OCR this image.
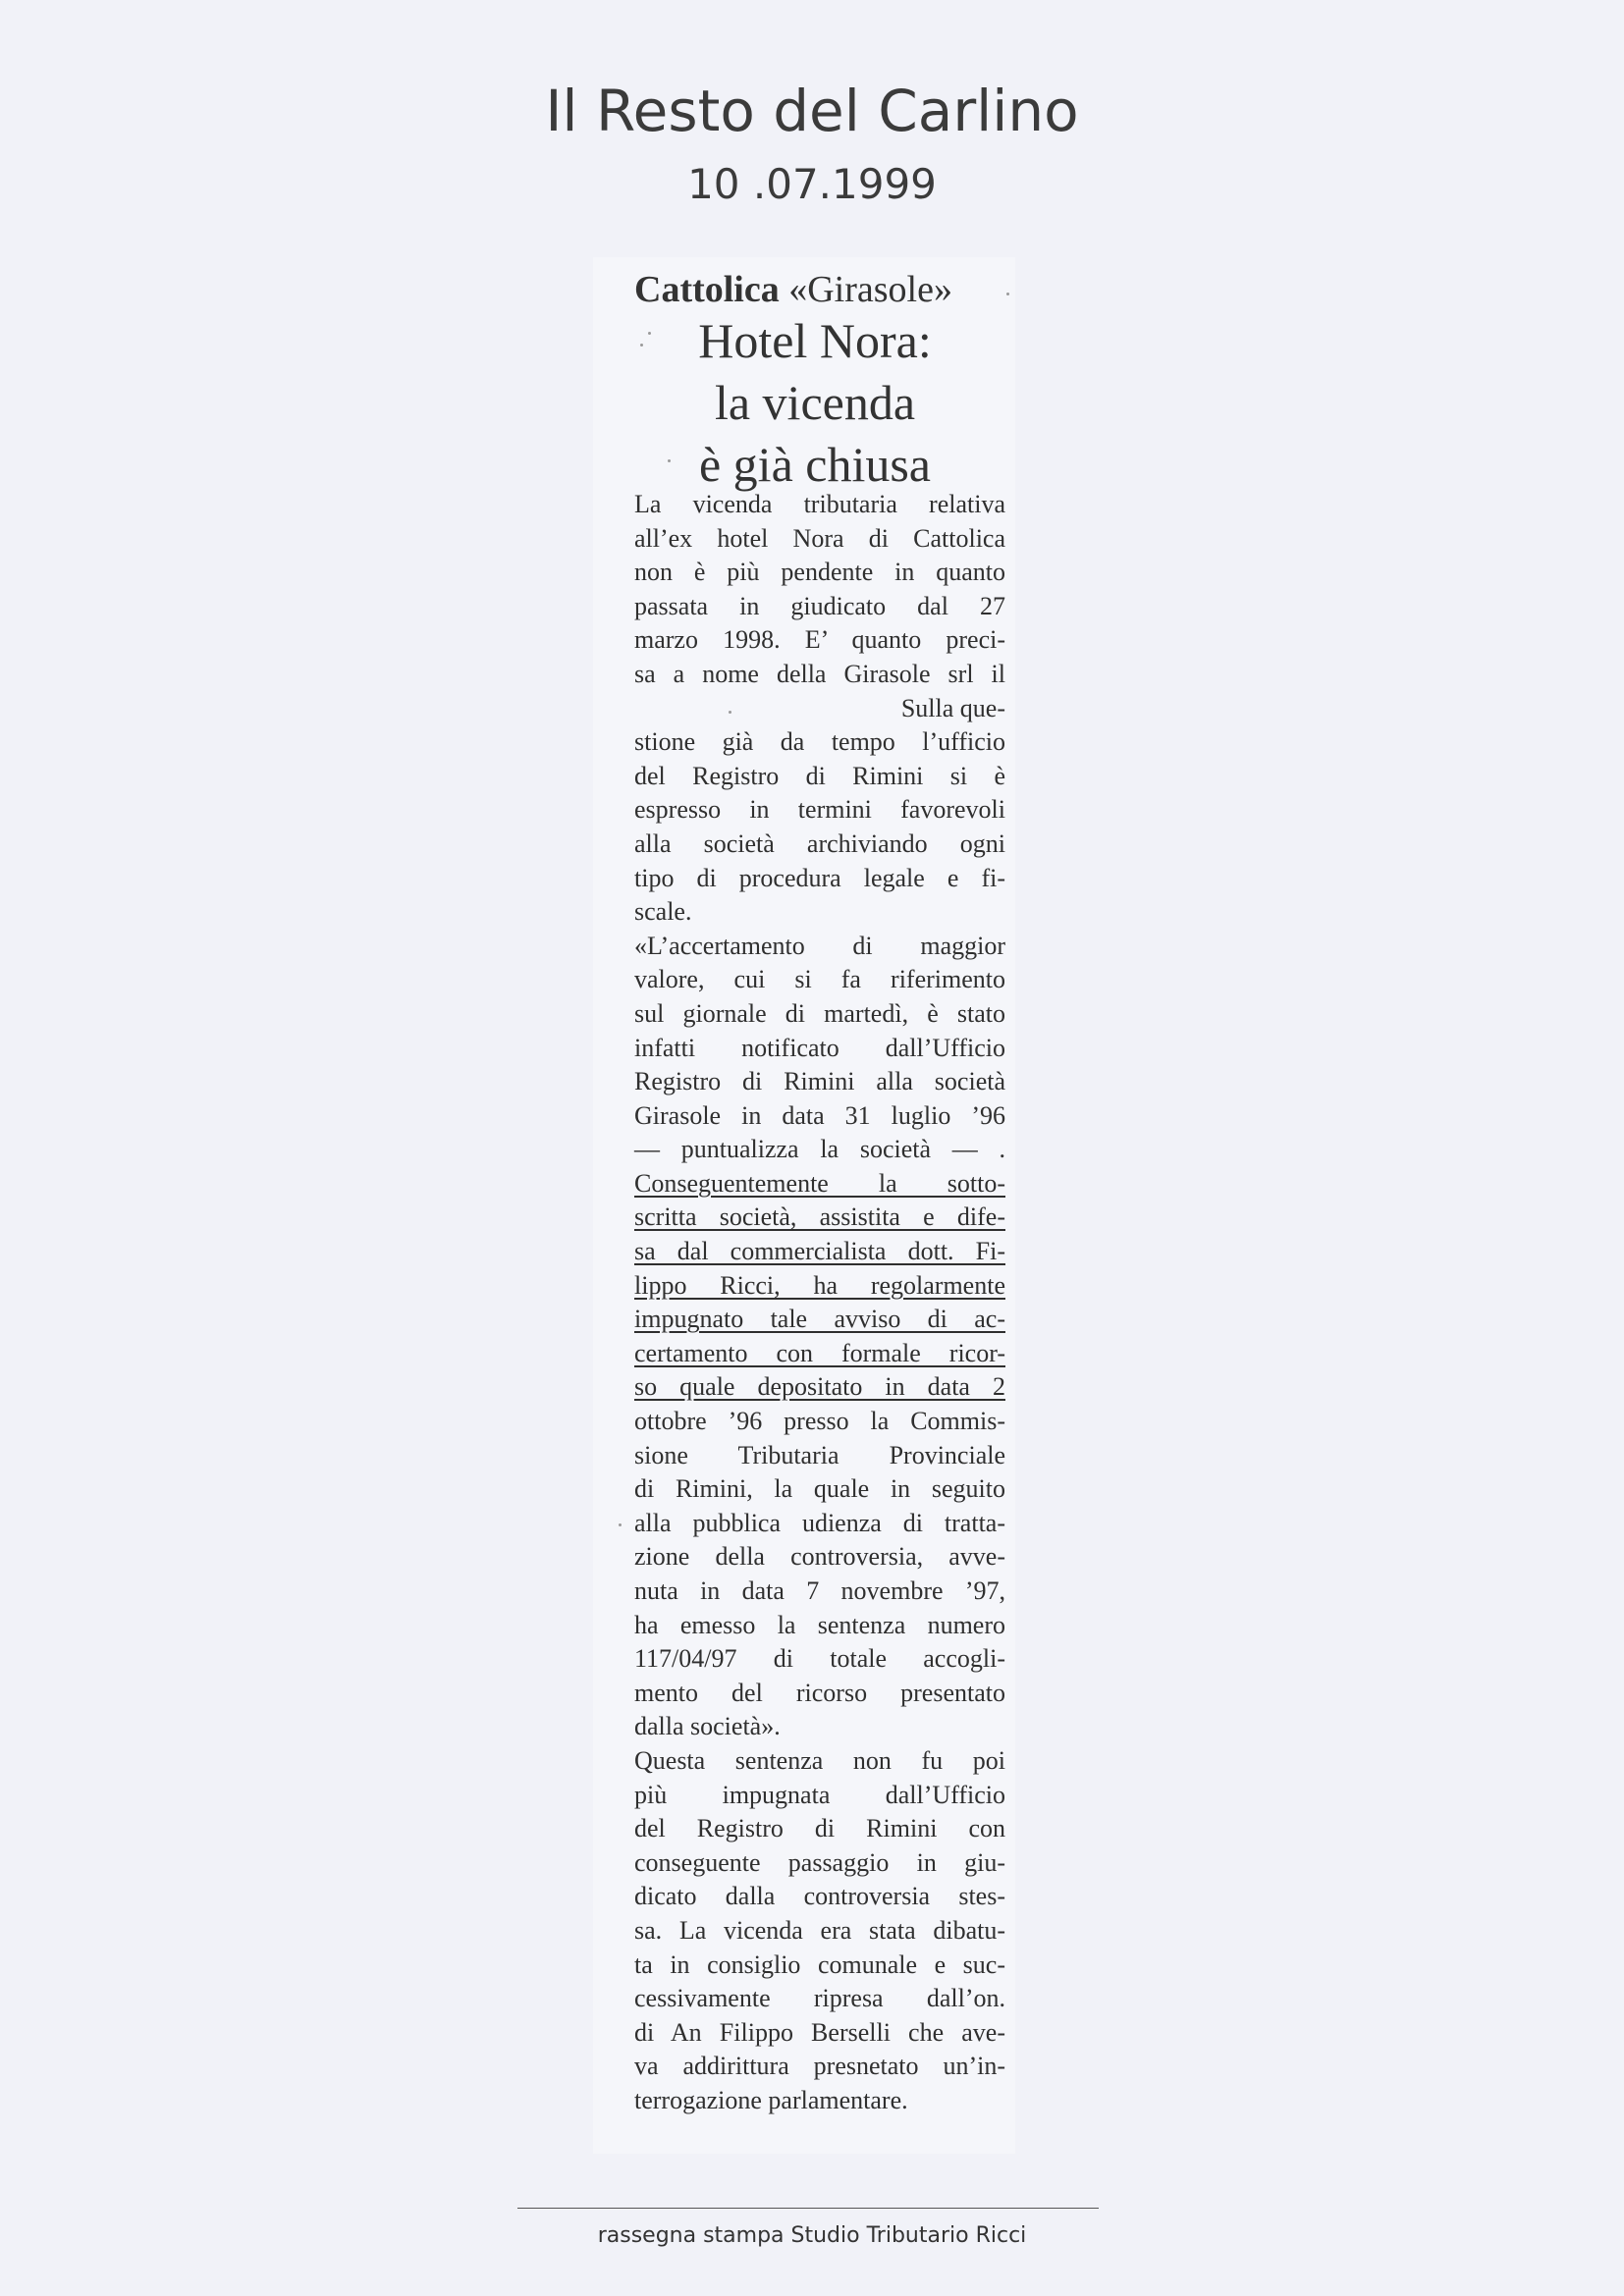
Il Resto del Carlino
10 .07.1999
Cattolica «Girasole»
Hotel Nora:
la vicenda
è già chiusa
La vicenda tributaria relativa
all’ex hotel Nora di Cattolica
non è più pendente in quanto
passata in giudicato dal 27
marzo 1998. E’ quanto preci-
sa a nome della Girasole srl il
Sulla que-
stione già da tempo l’ufficio
del Registro di Rimini si è
espresso in termini favorevoli
alla società archiviando ogni
tipo di procedura legale e fi-
scale.
«L’accertamento di maggior
valore, cui si fa riferimento
sul giornale di martedì, è stato
infatti notificato dall’Ufficio
Registro di Rimini alla società
Girasole in data 31 luglio ’96
— puntualizza la società — .
Conseguentemente la sotto-
scritta società, assistita e dife-
sa dal commercialista dott. Fi-
lippo Ricci, ha regolarmente
impugnato tale avviso di ac-
certamento con formale ricor-
so quale depositato in data 2
ottobre ’96 presso la Commis-
sione Tributaria Provinciale
di Rimini, la quale in seguito
alla pubblica udienza di tratta-
zione della controversia, avve-
nuta in data 7 novembre ’97,
ha emesso la sentenza numero
117/04/97 di totale accogli-
mento del ricorso presentato
dalla società».
Questa sentenza non fu poi
più impugnata dall’Ufficio
del Registro di Rimini con
conseguente passaggio in giu-
dicato dalla controversia stes-
sa. La vicenda era stata dibatu-
ta in consiglio comunale e suc-
cessivamente ripresa dall’on.
di An Filippo Berselli che ave-
va addirittura presnetato un’in-
terrogazione parlamentare.
rassegna stampa Studio Tributario Ricci
